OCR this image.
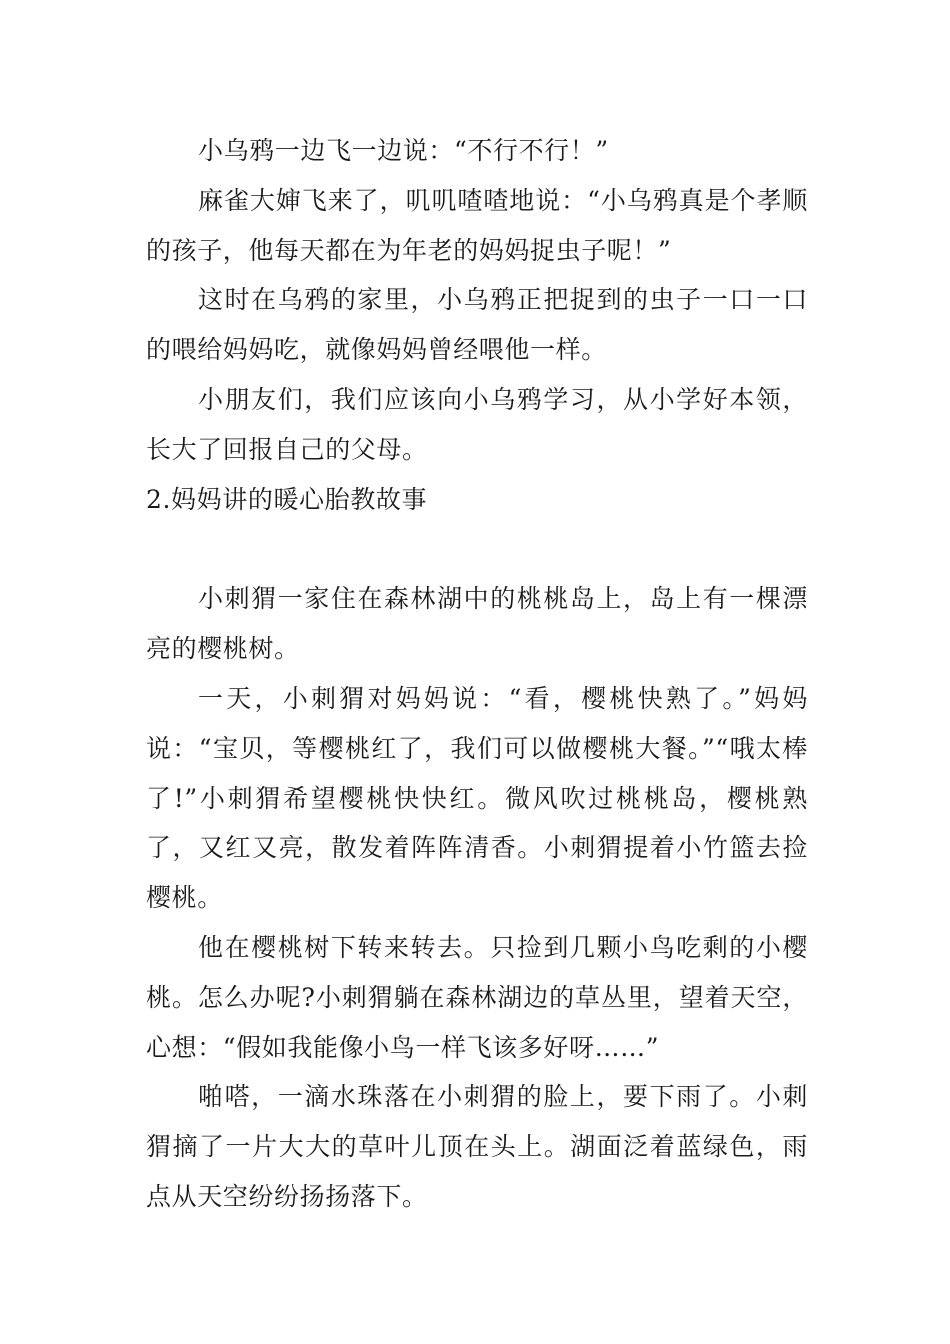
小乌鸦一边飞一边说：“不行不行！”

麻雀大婶飞来了，叽叽喳喳地说：“小乌鸦真是个孝顺的孩子，他每天都在为年老的妈妈捉虫子呢！”

这时在乌鸦的家里，小乌鸦正把捉到的虫子一口一口的喂给妈妈吃，就像妈妈曾经喂他一样。

小朋友们，我们应该向小乌鸦学习，从小学好本领，长大了回报自己的父母。

2.妈妈讲的暖心胎教故事

小刺猬一家住在森林湖中的桃桃岛上，岛上有一棵漂亮的樱桃树。

一天，小刺猬对妈妈说：“看，樱桃快熟了。”妈妈说：“宝贝，等樱桃红了，我们可以做樱桃大餐。”“哦太棒了!”小刺猬希望樱桃快快红。微风吹过桃桃岛，樱桃熟了，又红又亮，散发着阵阵清香。小刺猬提着小竹篮去捡樱桃。

他在樱桃树下转来转去。只捡到几颗小鸟吃剩的小樱桃。怎么办呢?小刺猬躺在森林湖边的草丛里，望着天空，心想：“假如我能像小鸟一样飞该多好呀……”

啪嗒，一滴水珠落在小刺猬的脸上，要下雨了。小刺猬摘了一片大大的草叶儿顶在头上。湖面泛着蓝绿色，雨点从天空纷纷扬扬落下。
